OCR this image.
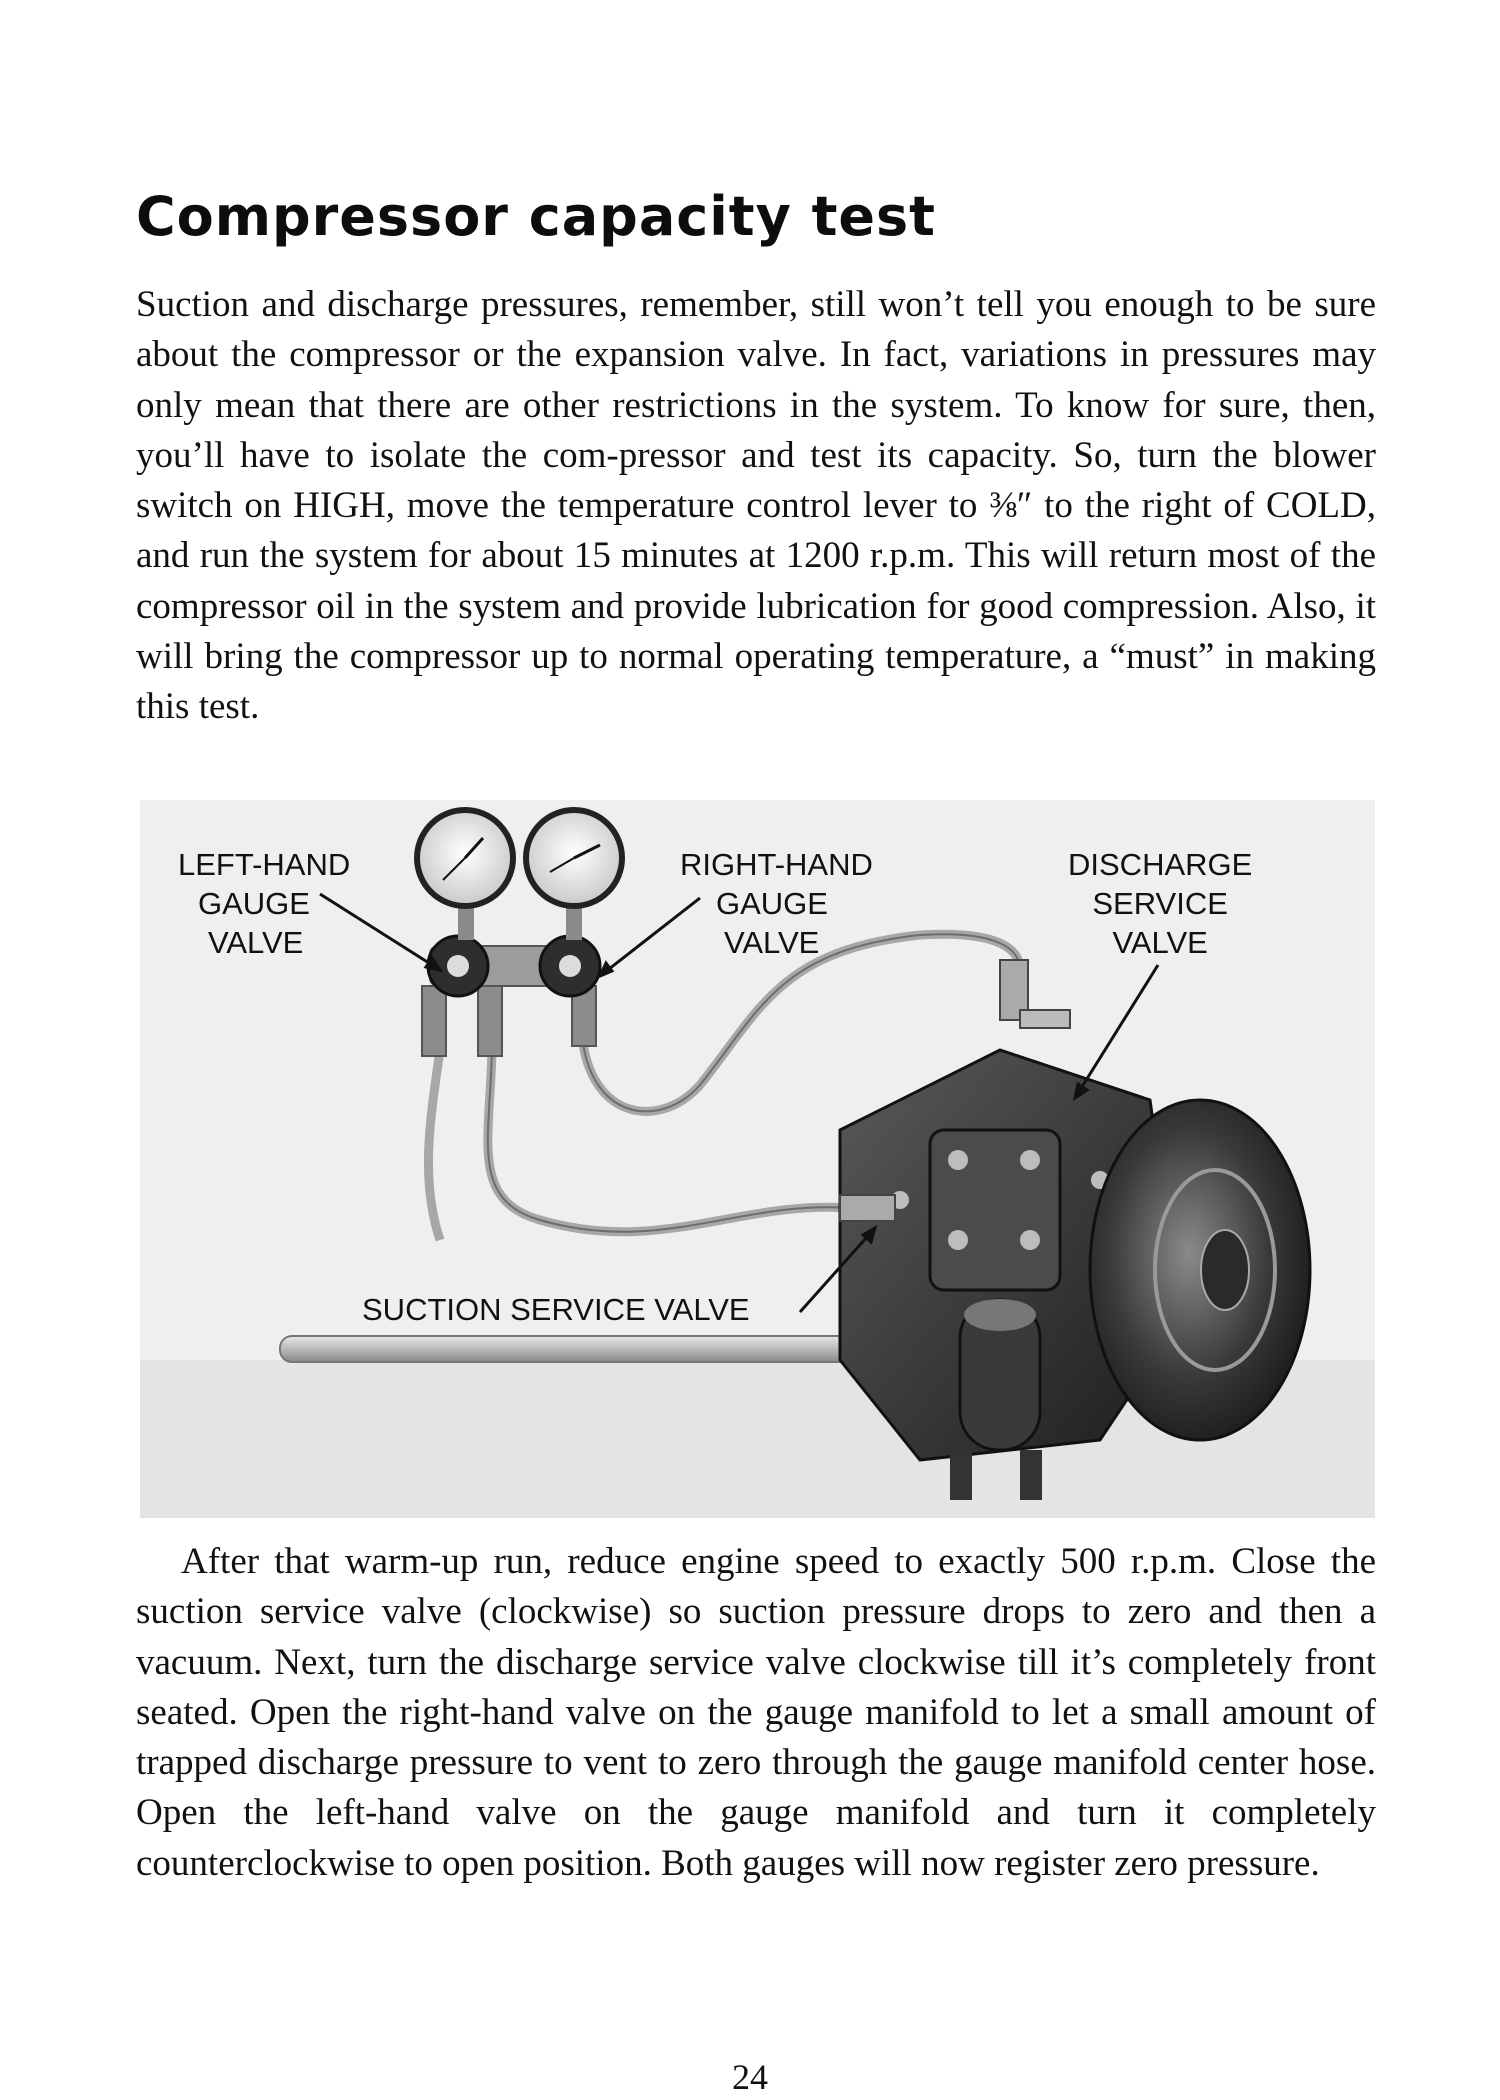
Compressor capacity test

Suction and discharge pressures, remember, still won’t tell you enough to be sure about the compressor or the expansion valve. In fact, variations in pressures may only mean that there are other restrictions in the system. To know for sure, then, you’ll have to isolate the com-pressor and test its capacity. So, turn the blower switch on HIGH, move the temperature control lever to ⅜″ to the right of COLD, and run the system for about 15 minutes at 1200 r.p.m. This will return most of the compressor oil in the system and provide lubrication for good compression. Also, it will bring the compressor up to normal operating temperature, a “must” in making this test.

LEFT-HAND
GAUGE
VALVE

RIGHT-HAND
GAUGE
VALVE

DISCHARGE
SERVICE
VALVE

SUCTION SERVICE VALVE

After that warm-up run, reduce engine speed to exactly 500 r.p.m. Close the suction service valve (clockwise) so suction pressure drops to zero and then a vacuum. Next, turn the discharge service valve clockwise till it’s completely front seated. Open the right-hand valve on the gauge manifold to let a small amount of trapped discharge pressure to vent to zero through the gauge manifold center hose. Open the left-hand valve on the gauge manifold and turn it completely counterclockwise to open position. Both gauges will now register zero pressure.

24
